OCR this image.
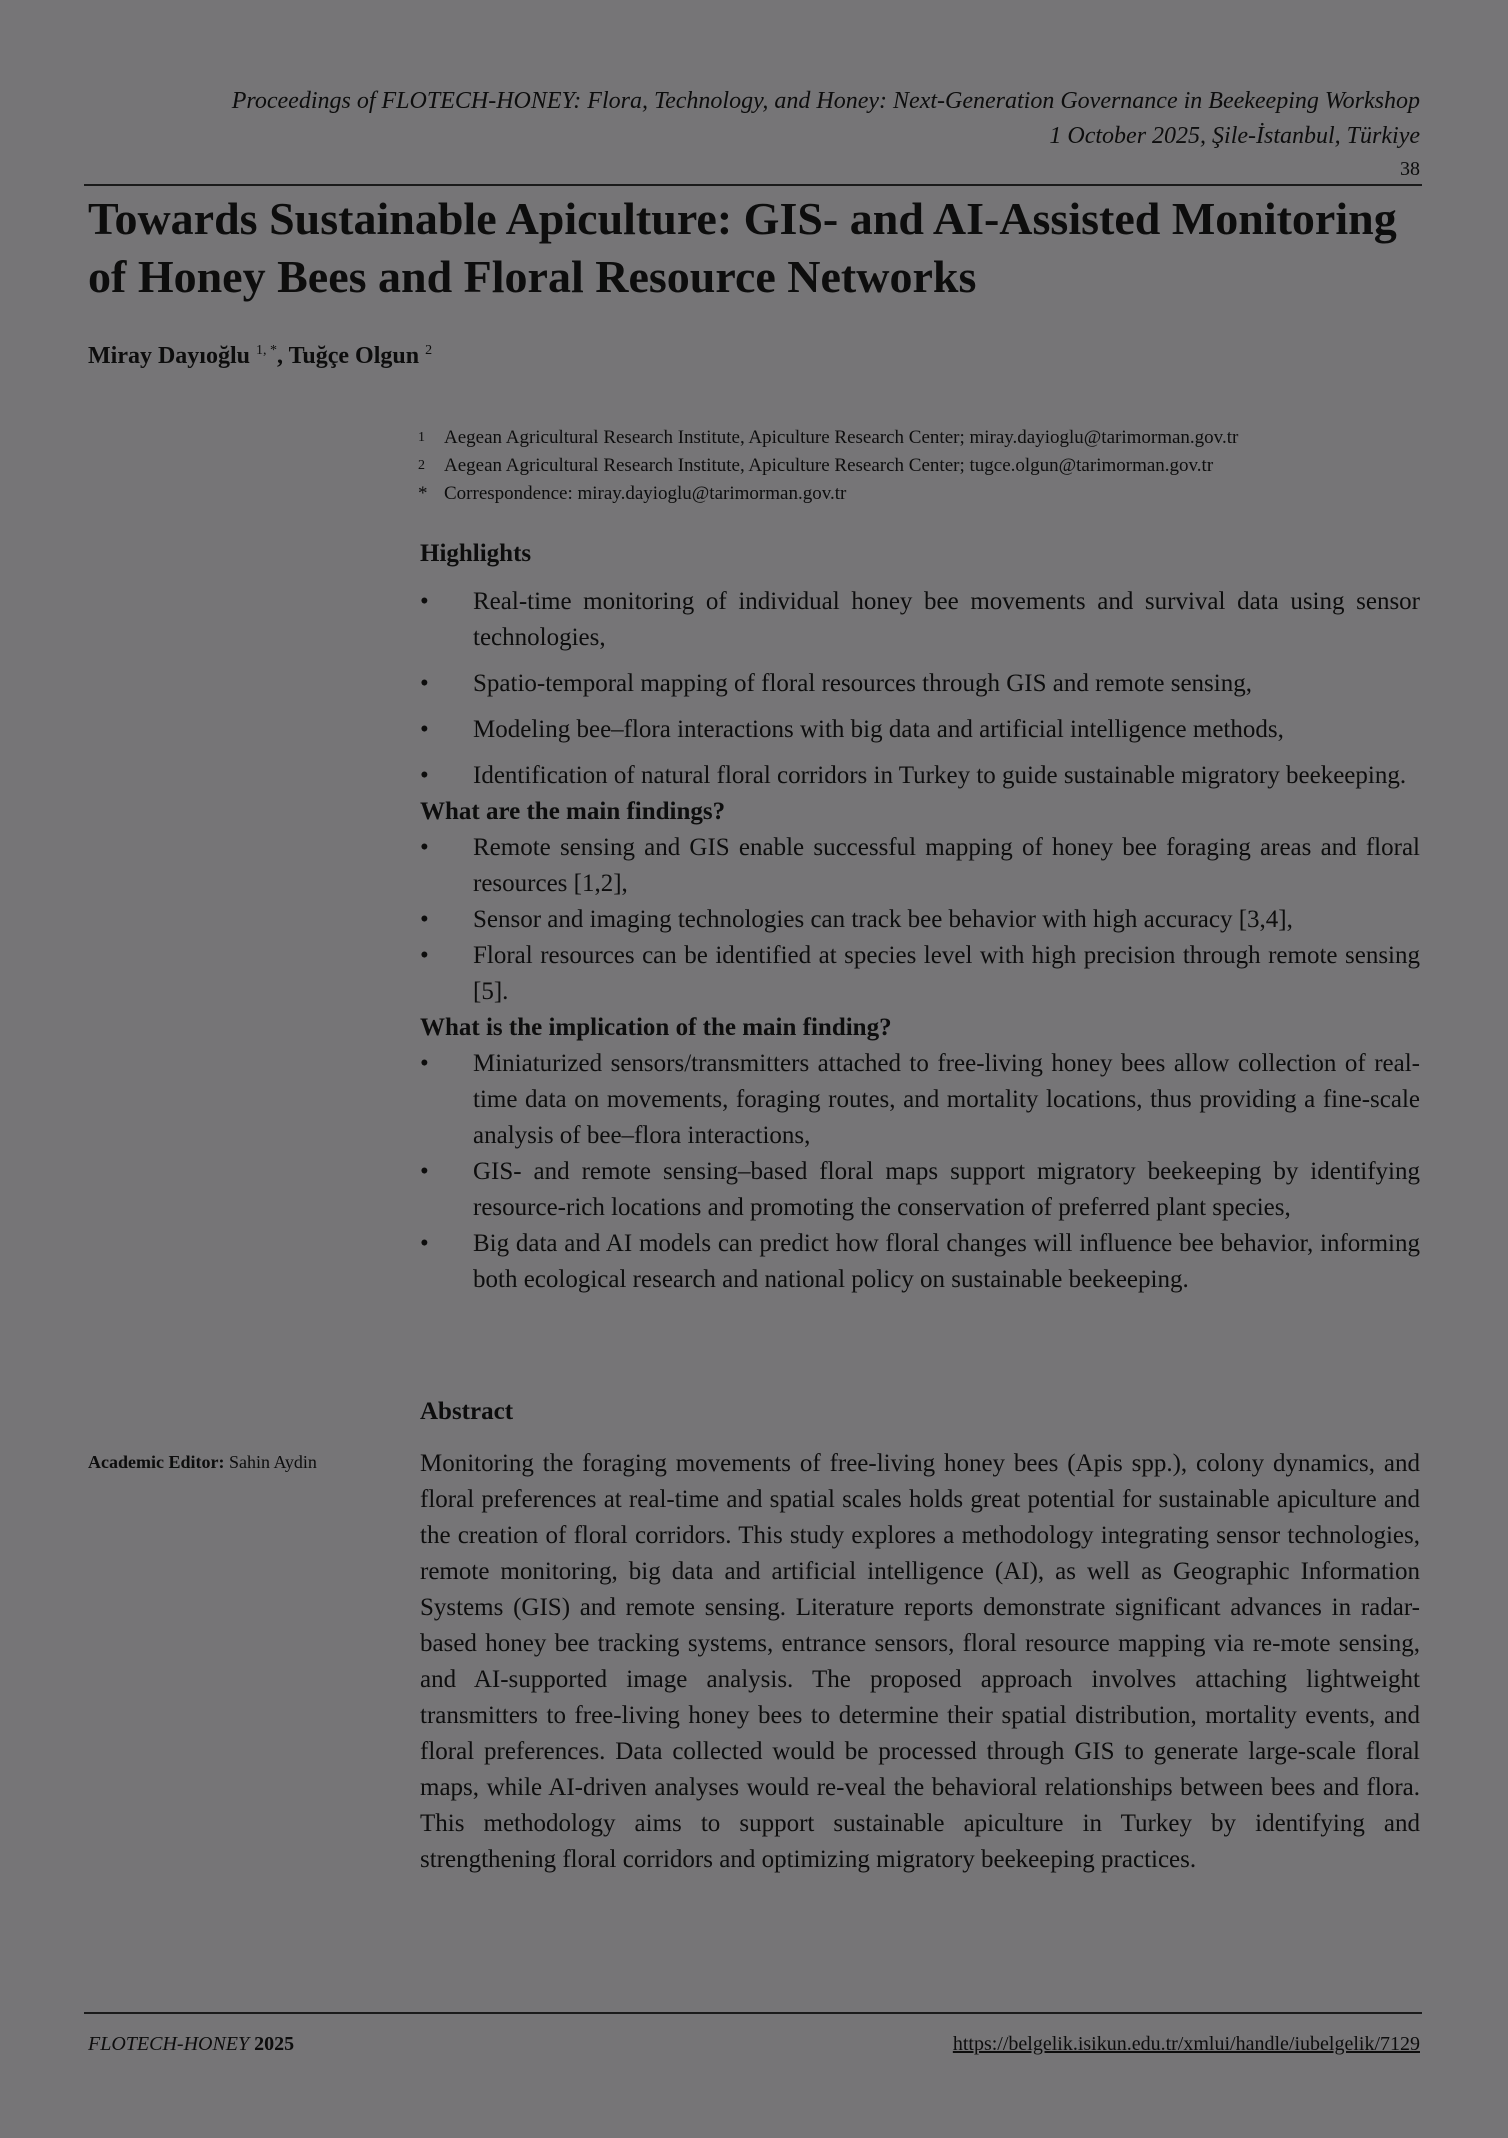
Proceedings of FLOTECH-HONEY: Flora, Technology, and Honey: Next-Generation Governance in Beekeeping Workshop
1 October 2025, Şile-İstanbul, Türkiye
38
Towards Sustainable Apiculture: GIS- and AI-Assisted Monitoring of Honey Bees and Floral Resource Networks
Miray Dayıoğlu $^{1, *}$, Tuğçe Olgun $^2$
1	Aegean Agricultural Research Institute, Apiculture Research Center; miray.dayioglu@tarimorman.gov.tr
2	Aegean Agricultural Research Institute, Apiculture Research Center; tugce.olgun@tarimorman.gov.tr
* Correspondence: miray.dayioglu@tarimorman.gov.tr
Highlights
• Real-time monitoring of individual honey bee movements and survival data using sensor technologies,
• Spatio-temporal mapping of floral resources through GIS and remote sensing,
• Modeling bee–flora interactions with big data and artificial intelligence methods,
• Identification of natural floral corridors in Turkey to guide sustainable migratory beekeeping.
What are the main findings?
• Remote sensing and GIS enable successful mapping of honey bee foraging areas and floral resources [1,2],
• Sensor and imaging technologies can track bee behavior with high accuracy [3,4],
• Floral resources can be identified at species level with high precision through remote sensing [5].
What is the implication of the main finding?
• Miniaturized sensors/transmitters attached to free-living honey bees allow collection of real-time data on movements, foraging routes, and mortality locations, thus providing a fine-scale analysis of bee–flora interactions,
• GIS- and remote sensing–based floral maps support migratory beekeeping by identifying resource-rich locations and promoting the conservation of preferred plant species,
• Big data and AI models can predict how floral changes will influence bee behavior, informing both ecological research and national policy on sustainable beekeeping.
Abstract
Monitoring the foraging movements of free-living honey bees (Apis spp.), colony dynamics, and floral preferences at real-time and spatial scales holds great potential for sustainable apiculture and the creation of floral corridors. This study explores a methodology integrating sensor technologies, remote monitoring, big data and artificial intelligence (AI), as well as Geographic Information Systems (GIS) and remote sensing. Literature reports demonstrate significant advances in radar-based honey bee tracking systems, entrance sensors, floral resource mapping via re-mote sensing, and AI-supported image analysis. The proposed approach involves attaching lightweight transmitters to free-living honey bees to determine their spatial distribution, mortality events, and floral preferences. Data collected would be processed through GIS to generate large-scale floral maps, while AI-driven analyses would re-veal the behavioral relationships between bees and flora. This methodology aims to support sustainable apiculture in Turkey by identifying and strengthening floral corridors and optimizing migratory beekeeping practices.
Academic Editor: Sahin Aydin
FLOTECH-HONEY 2025	https://belgelik.isikun.edu.tr/xmlui/handle/iubelgelik/7129
